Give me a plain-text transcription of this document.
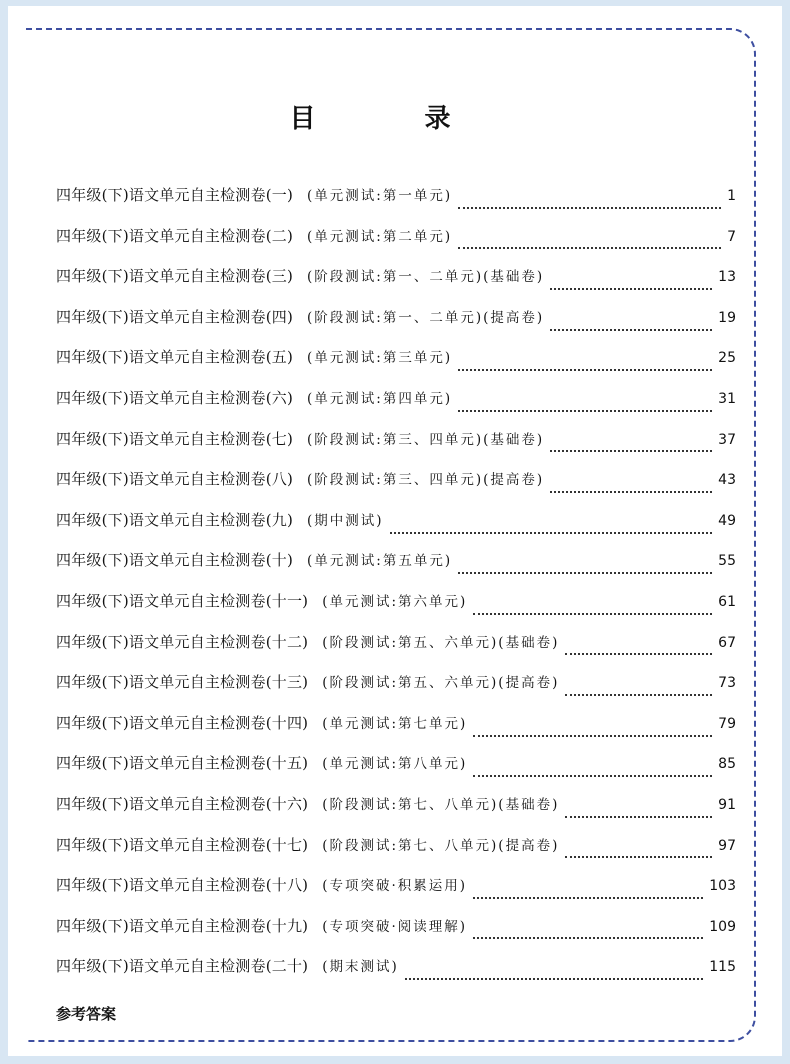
目 录
四年级(下)语文单元自主检测卷(一) (单元测试:第一单元)	1
四年级(下)语文单元自主检测卷(二) (单元测试:第二单元)	7
四年级(下)语文单元自主检测卷(三) (阶段测试:第一、二单元)(基础卷)	13
四年级(下)语文单元自主检测卷(四) (阶段测试:第一、二单元)(提高卷)	19
四年级(下)语文单元自主检测卷(五) (单元测试:第三单元)	25
四年级(下)语文单元自主检测卷(六) (单元测试:第四单元)	31
四年级(下)语文单元自主检测卷(七) (阶段测试:第三、四单元)(基础卷)	37
四年级(下)语文单元自主检测卷(八) (阶段测试:第三、四单元)(提高卷)	43
四年级(下)语文单元自主检测卷(九) (期中测试)	49
四年级(下)语文单元自主检测卷(十) (单元测试:第五单元)	55
四年级(下)语文单元自主检测卷(十一) (单元测试:第六单元)	61
四年级(下)语文单元自主检测卷(十二) (阶段测试:第五、六单元)(基础卷)	67
四年级(下)语文单元自主检测卷(十三) (阶段测试:第五、六单元)(提高卷)	73
四年级(下)语文单元自主检测卷(十四) (单元测试:第七单元)	79
四年级(下)语文单元自主检测卷(十五) (单元测试:第八单元)	85
四年级(下)语文单元自主检测卷(十六) (阶段测试:第七、八单元)(基础卷)	91
四年级(下)语文单元自主检测卷(十七) (阶段测试:第七、八单元)(提高卷)	97
四年级(下)语文单元自主检测卷(十八) (专项突破·积累运用)	103
四年级(下)语文单元自主检测卷(十九) (专项突破·阅读理解)	109
四年级(下)语文单元自主检测卷(二十) (期末测试)	115
参考答案
